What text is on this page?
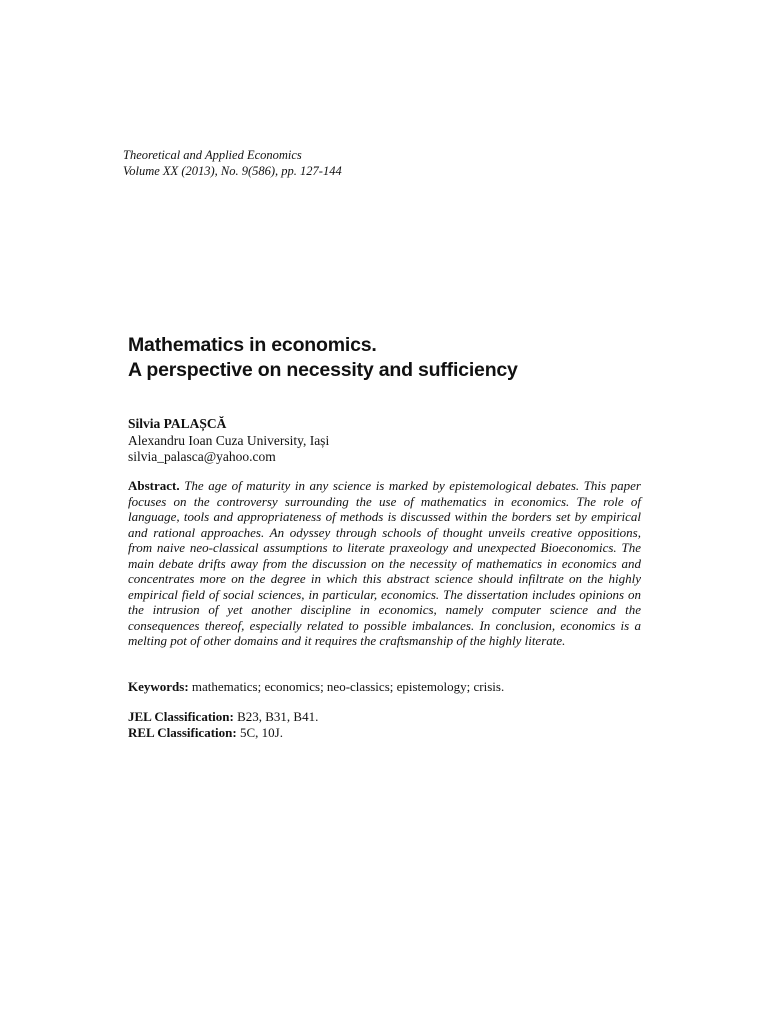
Theoretical and Applied Economics
Volume XX (2013), No. 9(586), pp. 127-144
Mathematics in economics.
A perspective on necessity and sufficiency
Silvia PALAȘCĂ
Alexandru Ioan Cuza University, Iași
silvia_palasca@yahoo.com
Abstract. The age of maturity in any science is marked by epistemological debates. This paper focuses on the controversy surrounding the use of mathematics in economics. The role of language, tools and appropriateness of methods is discussed within the borders set by empirical and rational approaches. An odyssey through schools of thought unveils creative oppositions, from naive neo-classical assumptions to literate praxeology and unexpected Bioeconomics. The main debate drifts away from the discussion on the necessity of mathematics in economics and concentrates more on the degree in which this abstract science should infiltrate on the highly empirical field of social sciences, in particular, economics. The dissertation includes opinions on the intrusion of yet another discipline in economics, namely computer science and the consequences thereof, especially related to possible imbalances. In conclusion, economics is a melting pot of other domains and it requires the craftsmanship of the highly literate.
Keywords: mathematics; economics; neo-classics; epistemology; crisis.
JEL Classification: B23, B31, B41.
REL Classification: 5C, 10J.
